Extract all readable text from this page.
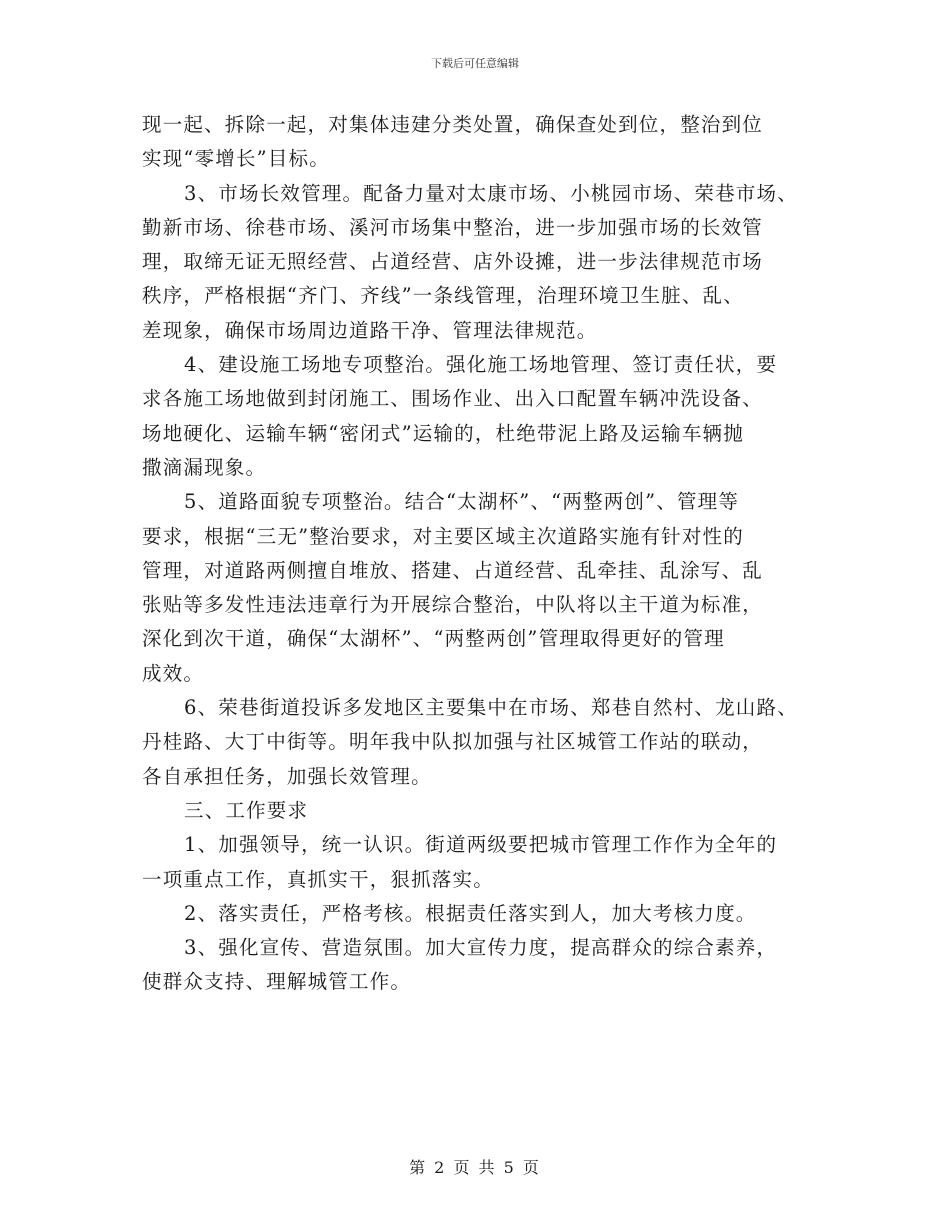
下载后可任意编辑
现一起、拆除一起，对集体违建分类处置，确保查处到位，整治到位
实现“零增长”目标。
3、市场长效管理。配备力量对太康市场、小桃园市场、荣巷市场、
勤新市场、徐巷市场、溪河市场集中整治，进一步加强市场的长效管
理，取缔无证无照经营、占道经营、店外设摊，进一步法律规范市场
秩序，严格根据“齐门、齐线”一条线管理，治理环境卫生脏、乱、
差现象，确保市场周边道路干净、管理法律规范。
4、建设施工场地专项整治。强化施工场地管理、签订责任状，要
求各施工场地做到封闭施工、围场作业、出入口配置车辆冲洗设备、
场地硬化、运输车辆“密闭式”运输的，杜绝带泥上路及运输车辆抛
撒滴漏现象。
5、道路面貌专项整治。结合“太湖杯”、“两整两创”、管理等
要求，根据“三无”整治要求，对主要区域主次道路实施有针对性的
管理，对道路两侧擅自堆放、搭建、占道经营、乱牵挂、乱涂写、乱
张贴等多发性违法违章行为开展综合整治，中队将以主干道为标准，
深化到次干道，确保“太湖杯”、“两整两创”管理取得更好的管理
成效。
6、荣巷街道投诉多发地区主要集中在市场、郑巷自然村、龙山路、
丹桂路、大丁中街等。明年我中队拟加强与社区城管工作站的联动，
各自承担任务，加强长效管理。
三、工作要求
1、加强领导，统一认识。街道两级要把城市管理工作作为全年的
一项重点工作，真抓实干，狠抓落实。
2、落实责任，严格考核。根据责任落实到人，加大考核力度。
3、强化宣传、营造氛围。加大宣传力度，提高群众的综合素养，
使群众支持、理解城管工作。
第 2 页 共 5 页
